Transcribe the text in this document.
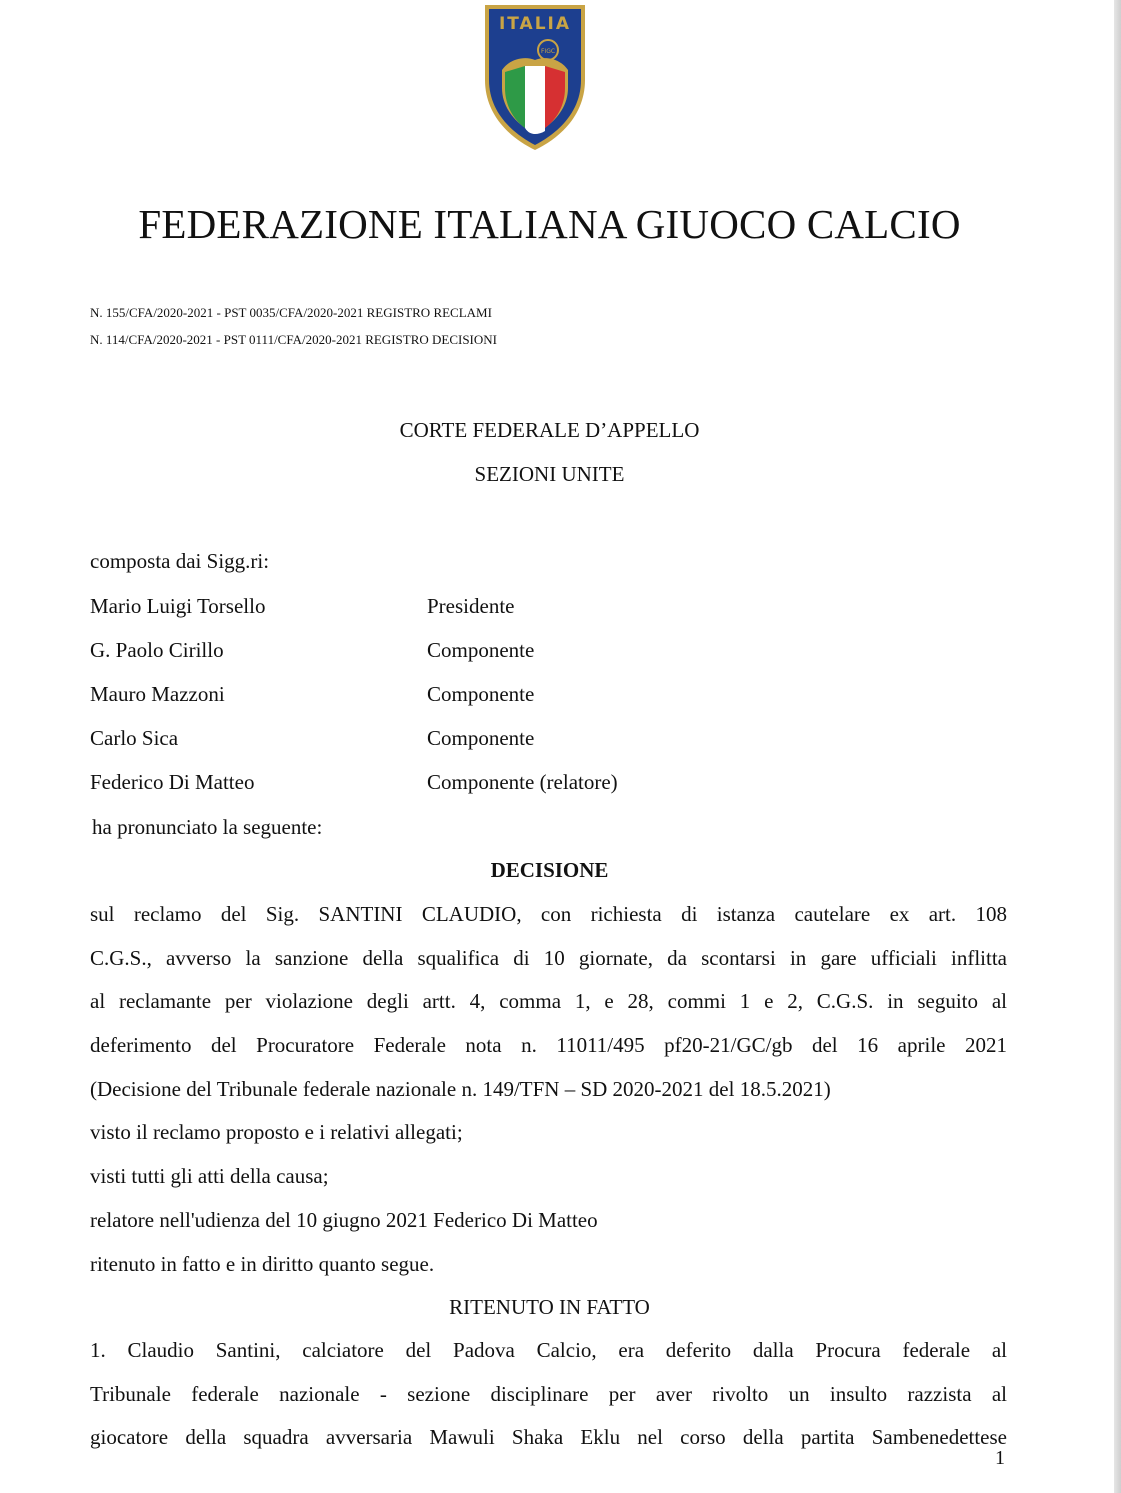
ITALIA
FIGC
FEDERAZIONE ITALIANA GIUOCO CALCIO
N. 155/CFA/2020-2021 - PST 0035/CFA/2020-2021 REGISTRO RECLAMI
N. 114/CFA/2020-2021 - PST 0111/CFA/2020-2021 REGISTRO DECISIONI
CORTE FEDERALE D’APPELLO
SEZIONI UNITE
composta dai Sigg.ri:
Mario Luigi Torsello	Presidente
G. Paolo Cirillo	Componente
Mauro Mazzoni	Componente
Carlo Sica	Componente
Federico Di Matteo	Componente (relatore)
ha pronunciato la seguente:
DECISIONE
sul reclamo del Sig. SANTINI CLAUDIO, con richiesta di istanza cautelare ex art. 108
C.G.S., avverso la sanzione della squalifica di 10 giornate, da scontarsi in gare ufficiali inflitta
al reclamante per violazione degli artt. 4, comma 1, e 28, commi 1 e 2, C.G.S. in seguito al
deferimento del Procuratore Federale nota n. 11011/495 pf20-21/GC/gb del 16 aprile 2021
(Decisione del Tribunale federale nazionale n. 149/TFN – SD 2020-2021 del 18.5.2021)
visto il reclamo proposto e i relativi allegati;
visti tutti gli atti della causa;
relatore nell'udienza del 10 giugno 2021 Federico Di Matteo
ritenuto in fatto e in diritto quanto segue.
RITENUTO IN FATTO
1. Claudio Santini, calciatore del Padova Calcio, era deferito dalla Procura federale al
Tribunale federale nazionale - sezione disciplinare per aver rivolto un insulto razzista al
giocatore della squadra avversaria Mawuli Shaka Eklu nel corso della partita Sambenedettese
1
